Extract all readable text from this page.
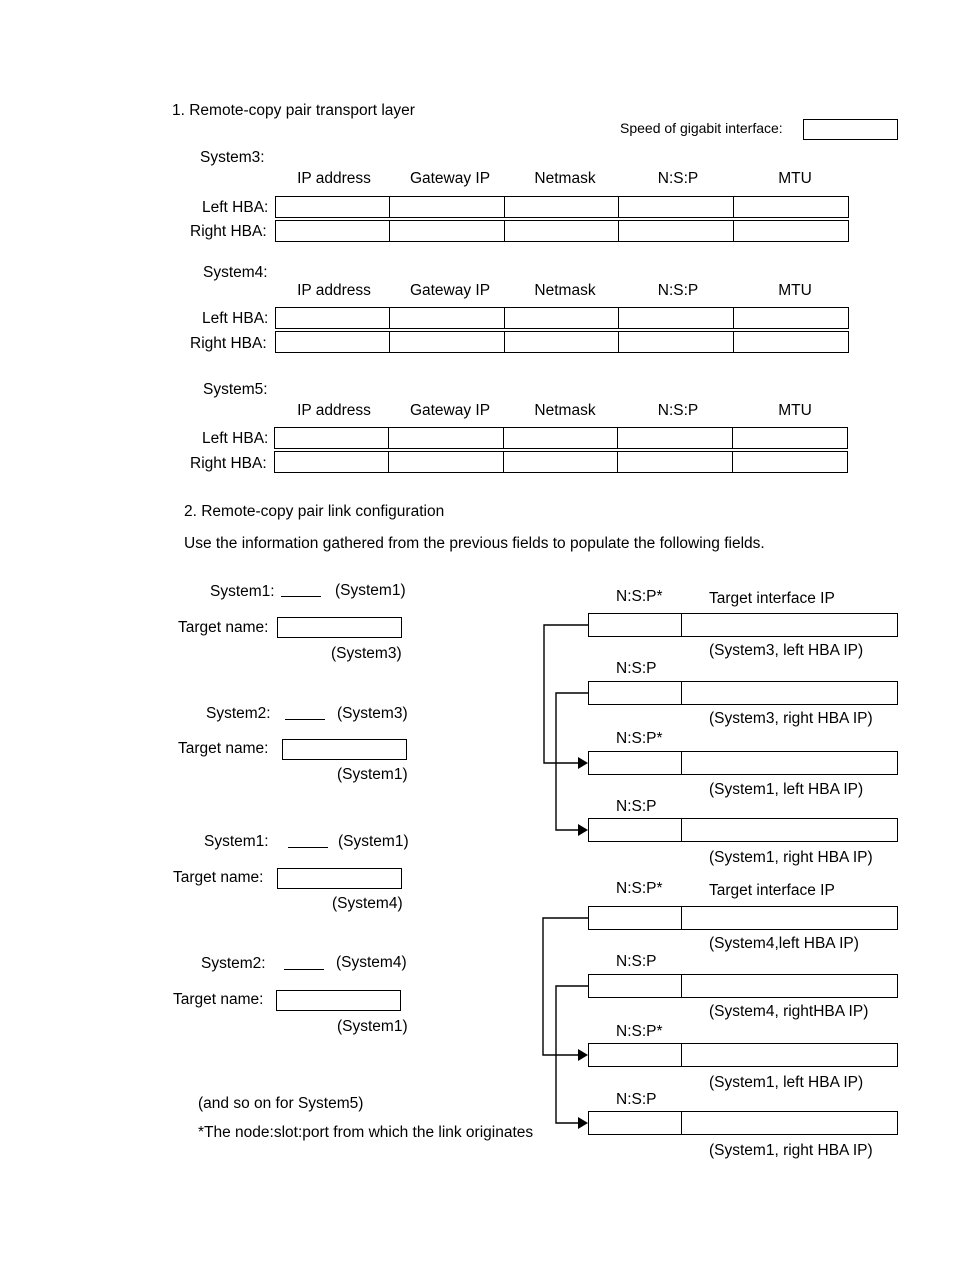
1. Remote-copy pair transport layer
Speed of gigabit interface:
System3:
IP address	Gateway IP	Netmask	N:S:P	MTU
Left HBA:
Right HBA:
System4:
IP address	Gateway IP	Netmask	N:S:P	MTU
Left HBA:
Right HBA:
System5:
IP address	Gateway IP	Netmask	N:S:P	MTU
Left HBA:
Right HBA:
2. Remote-copy pair link configuration
Use the information gathered from the previous fields to populate the following fields.
System1:	(System1)
Target name:
(System3)
System2:	(System3)
Target name:
(System1)
System1:	(System1)
Target name:
(System4)
System2:	(System4)
Target name:
(System1)
(and so on for System5)
*The node:slot:port from which the link originates
N:S:P*	Target interface IP
(System3, left HBA IP)
N:S:P
(System3, right HBA IP)
N:S:P*
(System1, left HBA IP)
N:S:P
(System1, right HBA IP)
N:S:P*	Target interface IP
(System4,left HBA IP)
N:S:P
(System4, rightHBA IP)
N:S:P*
(System1, left HBA IP)
N:S:P
(System1, right HBA IP)
